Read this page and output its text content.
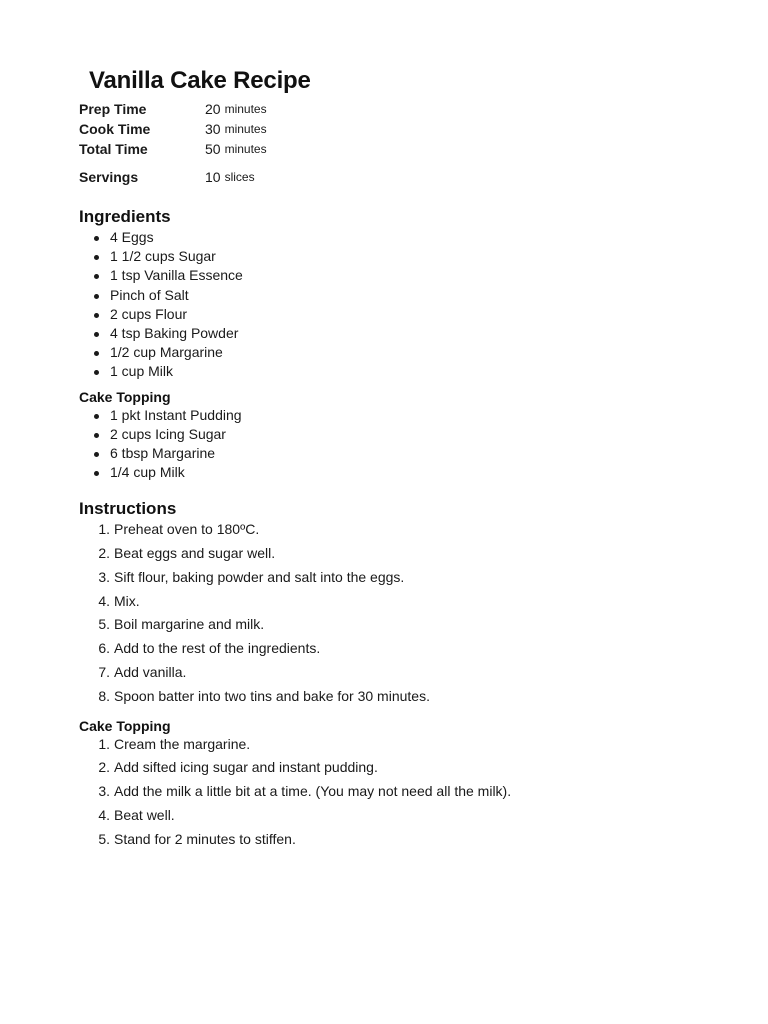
Vanilla Cake Recipe
Prep Time	20 minutes
Cook Time	30 minutes
Total Time	50 minutes
Servings	10 slices
Ingredients
4 Eggs
1 1/2 cups Sugar
1 tsp Vanilla Essence
Pinch of Salt
2 cups Flour
4 tsp Baking Powder
1/2 cup Margarine
1 cup Milk
Cake Topping
1 pkt Instant Pudding
2 cups Icing Sugar
6 tbsp Margarine
1/4 cup Milk
Instructions
1. Preheat oven to 180ºC.
2. Beat eggs and sugar well.
3. Sift flour, baking powder and salt into the eggs.
4. Mix.
5. Boil margarine and milk.
6. Add to the rest of the ingredients.
7. Add vanilla.
8. Spoon batter into two tins and bake for 30 minutes.
Cake Topping
1. Cream the margarine.
2. Add sifted icing sugar and instant pudding.
3. Add the milk a little bit at a time. (You may not need all the milk).
4. Beat well.
5. Stand for 2 minutes to stiffen.
